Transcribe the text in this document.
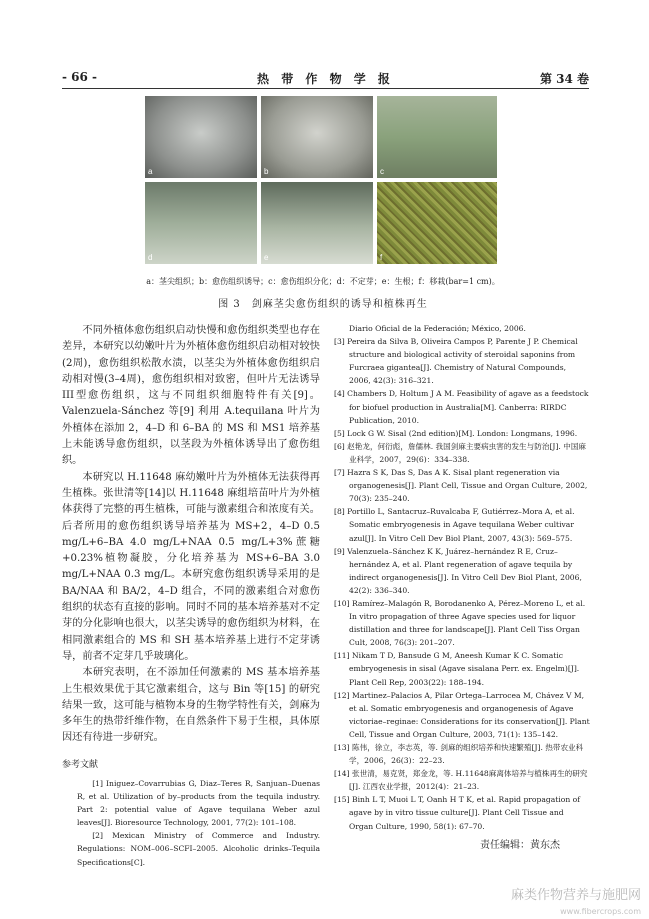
- 66 -	热 带 作 物 学 报	第 34 卷
a	b	c
d	e	f
a：茎尖组织；b：愈伤组织诱导；c：愈伤组织分化；d：不定芽；e：生根；f：移栽(bar=1 cm)。
图 3　剑麻茎尖愈伤组织的诱导和植株再生

不同外植体愈伤组织启动快慢和愈伤组织类型也存在差异，本研究以幼嫩叶片为外植体愈伤组织启动相对较快(2周)，愈伤组织松散水渍，以茎尖为外植体愈伤组织启动相对慢(3–4周)，愈伤组织相对致密，但叶片无法诱导III型愈伤组织，这与不同组织细胞特件有关[9]。Valenzuela-Sánchez 等[9] 利用 A.tequilana 叶片为外植体在添加 2，4–D 和 6–BA 的 MS 和 MS1 培养基上未能诱导愈伤组织，以茎段为外植体诱导出了愈伤组织。

本研究以 H.11648 麻幼嫩叶片为外植体无法获得再生植株。张世清等[14]以 H.11648 麻组培苗叶片为外植体获得了完整的再生植株，可能与激素组合和浓度有关。后者所用的愈伤组织诱导培养基为 MS+2，4–D 0.5 mg/L+6–BA 4.0 mg/L+NAA 0.5 mg/L+3%蔗糖+0.23%植物凝胶，分化培养基为 MS+6–BA 3.0 mg/L+NAA 0.3 mg/L。本研究愈伤组织诱导采用的是 BA/NAA 和 BA/2，4–D 组合，不同的激素组合对愈伤组织的状态有直接的影响。同时不同的基本培养基对不定芽的分化影响也很大，以茎尖诱导的愈伤组织为材料，在相同激素组合的 MS 和 SH 基本培养基上进行不定芽诱导，前者不定芽几乎玻璃化。

本研究表明，在不添加任何激素的 MS 基本培养基上生根效果优于其它激素组合，这与 Bin 等[15] 的研究结果一致，这可能与植物本身的生物学特性有关，剑麻为多年生的热带纤维作物，在自然条件下易于生根，具体原因还有待进一步研究。

参考文献

[1] Iniguez–Covarrubias G, Diaz–Teres R, Sanjuan–Duenas R, et al. Utilization of by–products from the tequila industry. Part 2: potential value of Agave tequilana Weber azul leaves[J]. Bioresource Technology, 2001, 77(2): 101–108.

[2] Mexican Ministry of Commerce and Industry. Regulations: NOM–006–SCFI–2005. Alcoholic drinks–Tequila Specifications[C].

Diario Oficial de la Federación; México, 2006.

[3] Pereira da Silva B, Oliveira Campos P, Parente J P. Chemical structure and biological activity of steroidal saponins from Furcraea gigantea[J]. Chemistry of Natural Compounds, 2006, 42(3): 316–321.

[4] Chambers D, Holtum J A M. Feasibility of agave as a feedstock for biofuel production in Australia[M]. Canberra: RIRDC Publication, 2010.

[5] Lock G W. Sisal (2nd edition)[M]. London: Longmans, 1996.

[6] 赵艳龙，何衍彪，詹儒林. 我国剑麻主要病虫害的发生与防治[J]. 中国麻业科学，2007，29(6)：334–338.

[7] Hazra S K, Das S, Das A K. Sisal plant regeneration via organogenesis[J]. Plant Cell, Tissue and Organ Culture, 2002, 70(3): 235–240.

[8] Portillo L, Santacruz–Ruvalcaba F, Gutiérrez–Mora A, et al. Somatic embryogenesis in Agave tequilana Weber cultivar azul[J]. In Vitro Cell Dev Biol Plant, 2007, 43(3): 569–575.

[9] Valenzuela–Sánchez K K, Juárez–hernández R E, Cruz–hernández A, et al. Plant regeneration of agave tequila by indirect organogenesis[J]. In Vitro Cell Dev Biol Plant, 2006, 42(2): 336–340.

[10] Ramírez–Malagón R, Borodanenko A, Pérez–Moreno L, et al. In vitro propagation of three Agave species used for liquor distillation and three for landscape[J]. Plant Cell Tiss Organ Cult, 2008, 76(3): 201–207.

[11] Nikam T D, Bansude G M, Aneesh Kumar K C. Somatic embryogenesis in sisal (Agave sisalana Perr. ex. Engelm)[J]. Plant Cell Rep, 2003(22): 188–194.

[12] Martinez–Palacios A, Pilar Ortega–Larrocea M, Chávez V M, et al. Somatic embryogenesis and organogenesis of Agave victoriae–reginae: Considerations for its conservation[J]. Plant Cell, Tissue and Organ Culture, 2003, 71(1): 135–142.

[13] 陈伟，徐立，李志英，等. 剑麻的组织培养和快速繁殖[J]. 热带农业科学，2006，26(3)：22–23.

[14] 张世清，易克贤，郑金龙，等. H.11648麻离体培养与植株再生的研究[J]. 江西农业学报，2012(4)：21–23.

[15] Binh L T, Muoi L T, Oanh H T K, et al. Rapid propagation of agave by in vitro tissue culture[J]. Plant Cell Tissue and Organ Culture, 1990, 58(1): 67–70.

责任编辑：黄东杰
麻类作物营养与施肥网
www.fibercrops.com
